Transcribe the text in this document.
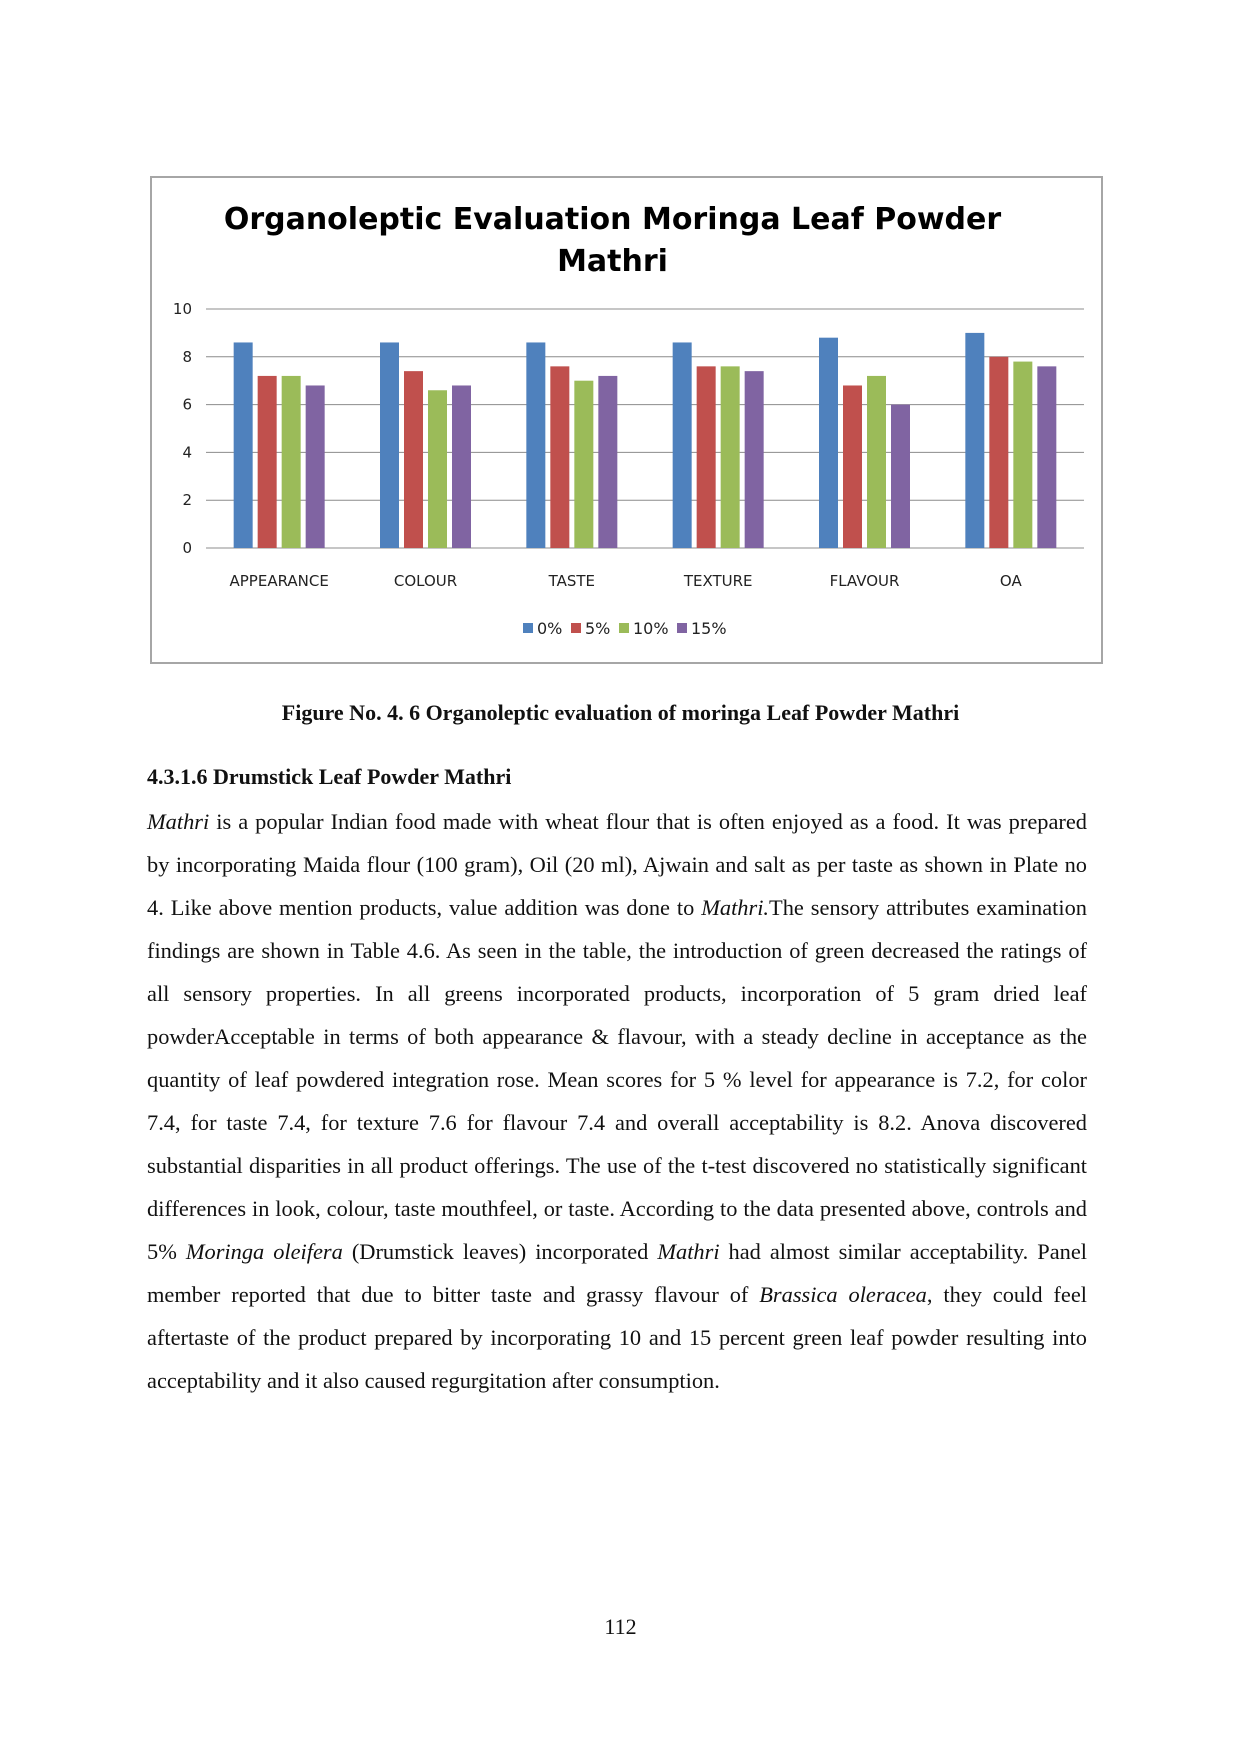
Organoleptic Evaluation Moringa Leaf Powder
Mathri
0
2
4
6
8
10
APPEARANCE	COLOUR	TASTE	TEXTURE	FLAVOUR	OA
0% 5% 10% 15%
Figure No. 4. 6 Organoleptic evaluation of moringa Leaf Powder Mathri
4.3.1.6 Drumstick Leaf Powder Mathri
Mathri is a popular Indian food made with wheat flour that is often enjoyed as a food. It was prepared by incorporating Maida flour (100 gram), Oil (20 ml), Ajwain and salt as per taste as shown in Plate no 4. Like above mention products, value addition was done to Mathri.The sensory attributes examination findings are shown in Table 4.6. As seen in the table, the introduction of green decreased the ratings of all sensory properties. In all greens incorporated products, incorporation of 5 gram dried leaf powderAcceptable in terms of both appearance & flavour, with a steady decline in acceptance as the quantity of leaf powdered integration rose. Mean scores for 5 % level for appearance is 7.2, for color 7.4, for taste 7.4, for texture 7.6 for flavour 7.4 and overall acceptability is 8.2. Anova discovered substantial disparities in all product offerings. The use of the t-test discovered no statistically significant differences in look, colour, taste mouthfeel, or taste. According to the data presented above, controls and 5% Moringa oleifera (Drumstick leaves) incorporated Mathri had almost similar acceptability. Panel member reported that due to bitter taste and grassy flavour of Brassica oleracea, they could feel aftertaste of the product prepared by incorporating 10 and 15 percent green leaf powder resulting into acceptability and it also caused regurgitation after consumption.
112
